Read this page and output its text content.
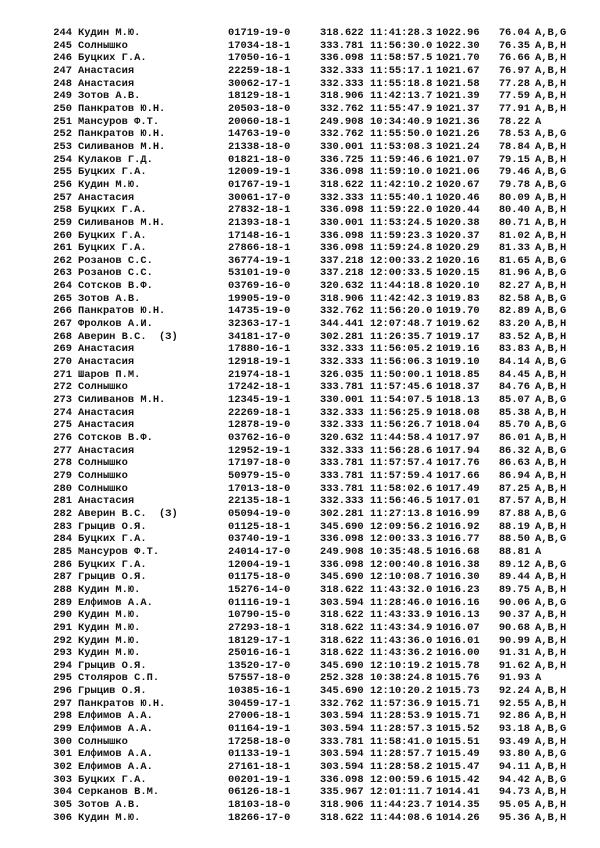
244 Кудин М.Ю.	01719-19-0	318.622 11:41:28.3 1022.96	76.04 A,B,G
245 Солнышко	17034-18-1	333.781 11:56:30.0 1022.30	76.35 A,B,H
246 Буцких Г.А.	17050-16-1	336.098 11:58:57.5 1021.70	76.66 A,B,H
247 Анастасия	22259-18-1	332.333 11:55:17.1 1021.67	76.97 A,B,H
248 Анастасия	30062-17-1	332.333 11:55:18.8 1021.58	77.28 A,B,H
249 Зотов А.В.	18129-18-1	318.906 11:42:13.7 1021.39	77.59 A,B,H
250 Панкратов Ю.Н.	20503-18-0	332.762 11:55:47.9 1021.37	77.91 A,B,H
251 Мансуров Ф.Т.	20060-18-1	249.908 10:34:40.9 1021.36	78.22 A
252 Панкратов Ю.Н.	14763-19-0	332.762 11:55:50.0 1021.26	78.53 A,B,G
253 Силиванов М.Н.	21338-18-0	330.001 11:53:08.3 1021.24	78.84 A,B,H
254 Кулаков Г.Д.	01821-18-0	336.725 11:59:46.6 1021.07	79.15 A,B,H
255 Буцких Г.А.	12009-19-1	336.098 11:59:10.0 1021.06	79.46 A,B,G
256 Кудин М.Ю.	01767-19-1	318.622 11:42:10.2 1020.67	79.78 A,B,G
257 Анастасия	30061-17-0	332.333 11:55:40.1 1020.46	80.09 A,B,H
258 Буцких Г.А.	27832-18-1	336.098 11:59:22.0 1020.44	80.40 A,B,H
259 Силиванов М.Н.	21393-18-1	330.001 11:53:24.5 1020.38	80.71 A,B,H
260 Буцких Г.А.	17148-16-1	336.098 11:59:23.3 1020.37	81.02 A,B,H
261 Буцких Г.А.	27866-18-1	336.098 11:59:24.8 1020.29	81.33 A,B,H
262 Розанов С.С.	36774-19-1	337.218 12:00:33.2 1020.16	81.65 A,B,G
263 Розанов С.С.	53101-19-0	337.218 12:00:33.5 1020.15	81.96 A,B,G
264 Сотсков В.Ф.	03769-16-0	320.632 11:44:18.8 1020.10	82.27 A,B,H
265 Зотов А.В.	19905-19-0	318.906 11:42:42.3 1019.83	82.58 A,B,G
266 Панкратов Ю.Н.	14735-19-0	332.762 11:56:20.0 1019.70	82.89 A,B,G
267 Фролков А.И.	32363-17-1	344.441 12:07:48.7 1019.62	83.20 A,B,H
268 Аверин В.С.  (З)	34181-17-0	302.281 11:26:35.7 1019.17	83.52 A,B,H
269 Анастасия	17880-16-1	332.333 11:56:05.2 1019.16	83.83 A,B,H
270 Анастасия	12918-19-1	332.333 11:56:06.3 1019.10	84.14 A,B,G
271 Шаров П.М.	21974-18-1	326.035 11:50:00.1 1018.85	84.45 A,B,H
272 Солнышко	17242-18-1	333.781 11:57:45.6 1018.37	84.76 A,B,H
273 Силиванов М.Н.	12345-19-1	330.001 11:54:07.5 1018.13	85.07 A,B,G
274 Анастасия	22269-18-1	332.333 11:56:25.9 1018.08	85.38 A,B,H
275 Анастасия	12878-19-0	332.333 11:56:26.7 1018.04	85.70 A,B,G
276 Сотсков В.Ф.	03762-16-0	320.632 11:44:58.4 1017.97	86.01 A,B,H
277 Анастасия	12952-19-1	332.333 11:56:28.6 1017.94	86.32 A,B,G
278 Солнышко	17197-18-0	333.781 11:57:57.4 1017.76	86.63 A,B,H
279 Солнышко	50979-15-0	333.781 11:57:59.4 1017.66	86.94 A,B,H
280 Солнышко	17013-18-0	333.781 11:58:02.6 1017.49	87.25 A,B,H
281 Анастасия	22135-18-1	332.333 11:56:46.5 1017.01	87.57 A,B,H
282 Аверин В.С.  (З)	05094-19-0	302.281 11:27:13.8 1016.99	87.88 A,B,G
283 Грыцив О.Я.	01125-18-1	345.690 12:09:56.2 1016.92	88.19 A,B,H
284 Буцких Г.А.	03740-19-1	336.098 12:00:33.3 1016.77	88.50 A,B,G
285 Мансуров Ф.Т.	24014-17-0	249.908 10:35:48.5 1016.68	88.81 A
286 Буцких Г.А.	12004-19-1	336.098 12:00:40.8 1016.38	89.12 A,B,G
287 Грыцив О.Я.	01175-18-0	345.690 12:10:08.7 1016.30	89.44 A,B,H
288 Кудин М.Ю.	15276-14-0	318.622 11:43:32.0 1016.23	89.75 A,B,H
289 Елфимов А.А.	01116-19-1	303.594 11:28:46.0 1016.16	90.06 A,B,G
290 Кудин М.Ю.	10790-15-0	318.622 11:43:33.9 1016.13	90.37 A,B,H
291 Кудин М.Ю.	27293-18-1	318.622 11:43:34.9 1016.07	90.68 A,B,H
292 Кудин М.Ю.	18129-17-1	318.622 11:43:36.0 1016.01	90.99 A,B,H
293 Кудин М.Ю.	25016-16-1	318.622 11:43:36.2 1016.00	91.31 A,B,H
294 Грыцив О.Я.	13520-17-0	345.690 12:10:19.2 1015.78	91.62 A,B,H
295 Столяров С.П.	57557-18-0	252.328 10:38:24.8 1015.76	91.93 A
296 Грыцив О.Я.	10385-16-1	345.690 12:10:20.2 1015.73	92.24 A,B,H
297 Панкратов Ю.Н.	30459-17-1	332.762 11:57:36.9 1015.71	92.55 A,B,H
298 Елфимов А.А.	27006-18-1	303.594 11:28:53.9 1015.71	92.86 A,B,H
299 Елфимов А.А.	01164-19-1	303.594 11:28:57.3 1015.52	93.18 A,B,G
300 Солнышко	17258-18-0	333.781 11:58:41.0 1015.51	93.49 A,B,H
301 Елфимов А.А.	01133-19-1	303.594 11:28:57.7 1015.49	93.80 A,B,G
302 Елфимов А.А.	27161-18-1	303.594 11:28:58.2 1015.47	94.11 A,B,H
303 Буцких Г.А.	00201-19-1	336.098 12:00:59.6 1015.42	94.42 A,B,G
304 Серканов В.М.	06126-18-1	335.967 12:01:11.7 1014.41	94.73 A,B,H
305 Зотов А.В.	18103-18-0	318.906 11:44:23.7 1014.35	95.05 A,B,H
306 Кудин М.Ю.	18266-17-0	318.622 11:44:08.6 1014.26	95.36 A,B,H
